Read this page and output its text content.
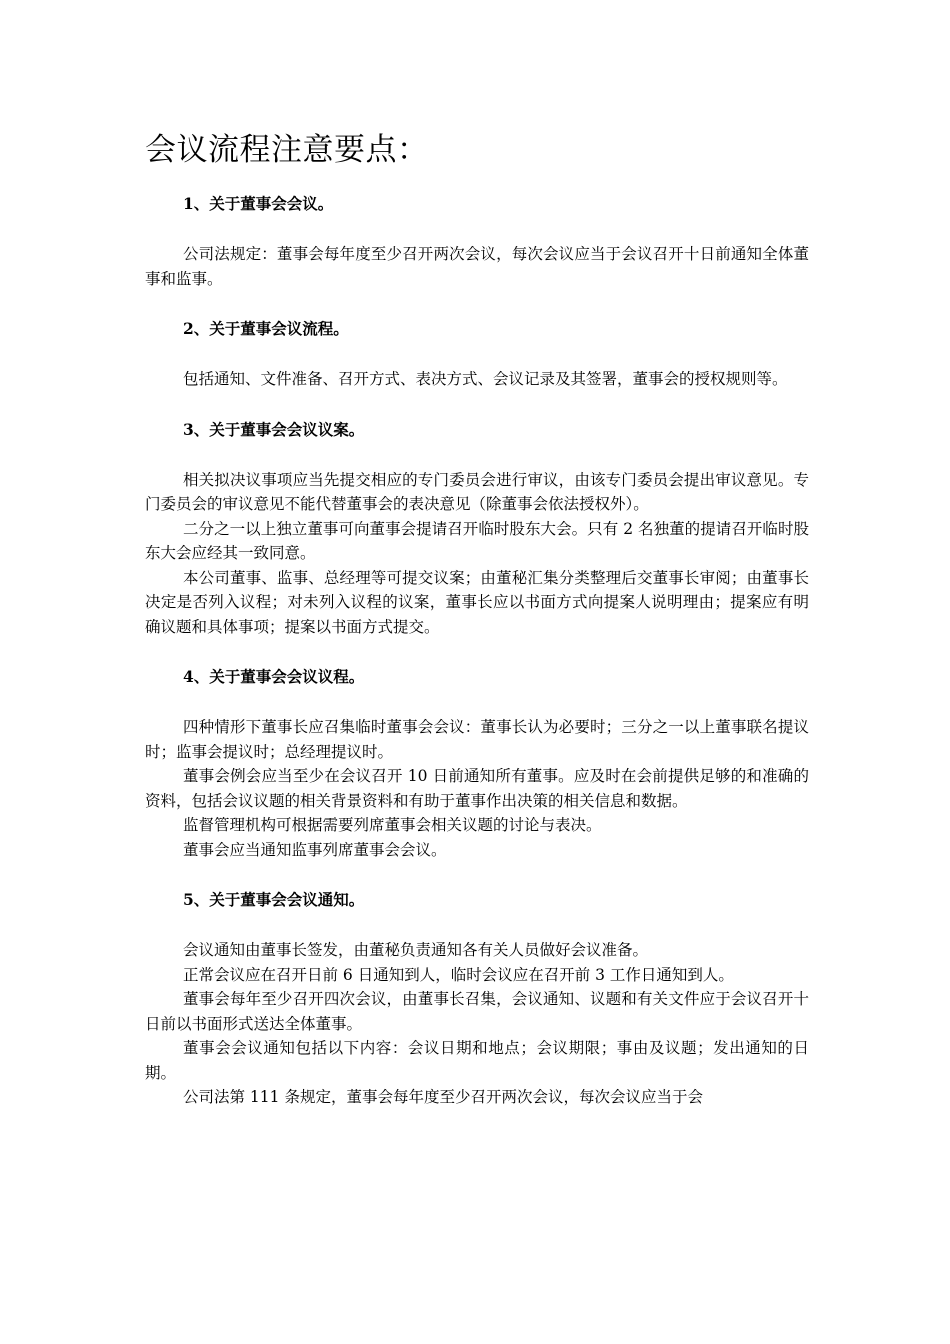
会议流程注意要点：

1、关于董事会会议。

公司法规定：董事会每年度至少召开两次会议，每次会议应当于会议召开十日前通知全体董事和监事。

2、关于董事会议流程。

包括通知、文件准备、召开方式、表决方式、会议记录及其签署，董事会的授权规则等。

3、关于董事会会议议案。

相关拟决议事项应当先提交相应的专门委员会进行审议，由该专门委员会提出审议意见。专门委员会的审议意见不能代替董事会的表决意见（除董事会依法授权外）。

二分之一以上独立董事可向董事会提请召开临时股东大会。只有 2 名独董的提请召开临时股东大会应经其一致同意。

本公司董事、监事、总经理等可提交议案；由董秘汇集分类整理后交董事长审阅；由董事长决定是否列入议程；对未列入议程的议案，董事长应以书面方式向提案人说明理由；提案应有明确议题和具体事项；提案以书面方式提交。

4、关于董事会会议议程。

四种情形下董事长应召集临时董事会会议：董事长认为必要时；三分之一以上董事联名提议时；监事会提议时；总经理提议时。

董事会例会应当至少在会议召开 10 日前通知所有董事。应及时在会前提供足够的和准确的资料，包括会议议题的相关背景资料和有助于董事作出决策的相关信息和数据。

监督管理机构可根据需要列席董事会相关议题的讨论与表决。

董事会应当通知监事列席董事会会议。

5、关于董事会会议通知。

会议通知由董事长签发，由董秘负责通知各有关人员做好会议准备。

正常会议应在召开日前 6 日通知到人，临时会议应在召开前 3 工作日通知到人。

董事会每年至少召开四次会议，由董事长召集，会议通知、议题和有关文件应于会议召开十日前以书面形式送达全体董事。

董事会会议通知包括以下内容：会议日期和地点；会议期限；事由及议题；发出通知的日期。

公司法第 111 条规定，董事会每年度至少召开两次会议，每次会议应当于会
